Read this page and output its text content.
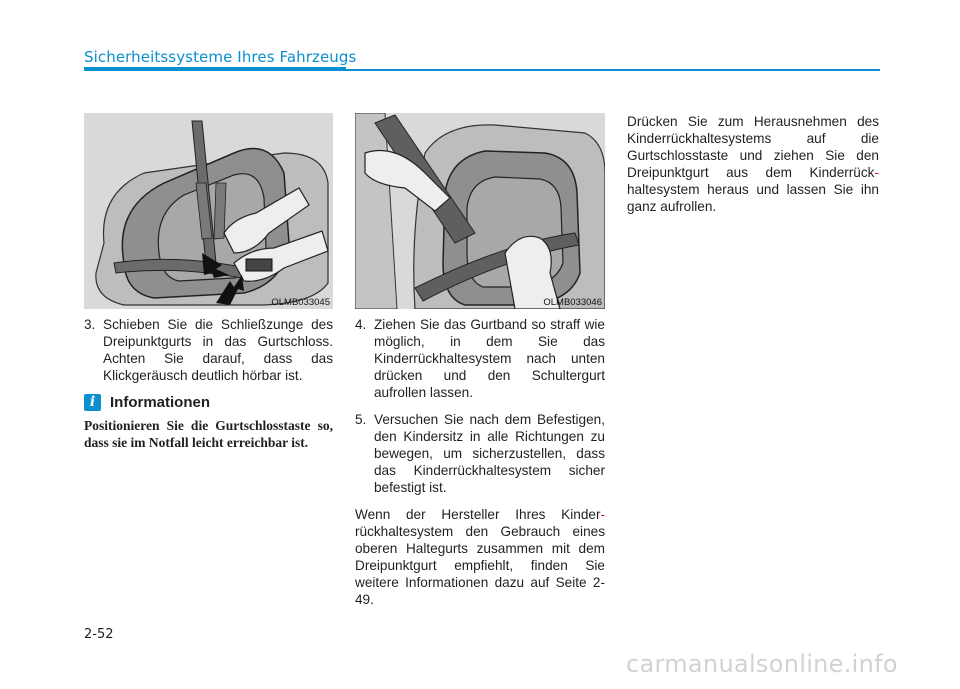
Sicherheitssysteme Ihres Fahrzeugs
OLMB033045	OLMB033046
3. Schieben Sie die Schließzunge des Dreipunktgurts in das Gurtschloss. Achten Sie darauf, dass das Klickgeräusch deutlich hörbar ist.
i Informationen
Positionieren Sie die Gurtschlosstaste so, dass sie im Notfall leicht erreichbar ist.
4. Ziehen Sie das Gurtband so straff wie möglich, in dem Sie das Kinderrückhaltesystem nach unten drücken und den Schultergurt aufrollen lassen.
5. Versuchen Sie nach dem Befestigen, den Kindersitz in alle Richtungen zu bewegen, um sicherzustellen, dass das Kinderrückhaltesystem sicher befestigt ist.

Wenn der Hersteller Ihres Kinder-rückhaltesystem den Gebrauch eines oberen Haltegurts zusammen mit dem Dreipunktgurt empfiehlt, finden Sie weitere Informationen dazu auf Seite 2-49.

Drücken Sie zum Herausnehmen des Kinderrückhaltesystems auf die Gurtschlosstaste und ziehen Sie den Dreipunktgurt aus dem Kinderrück-haltesystem heraus und lassen Sie ihn ganz aufrollen.

2-52
carmanualsonline.info
